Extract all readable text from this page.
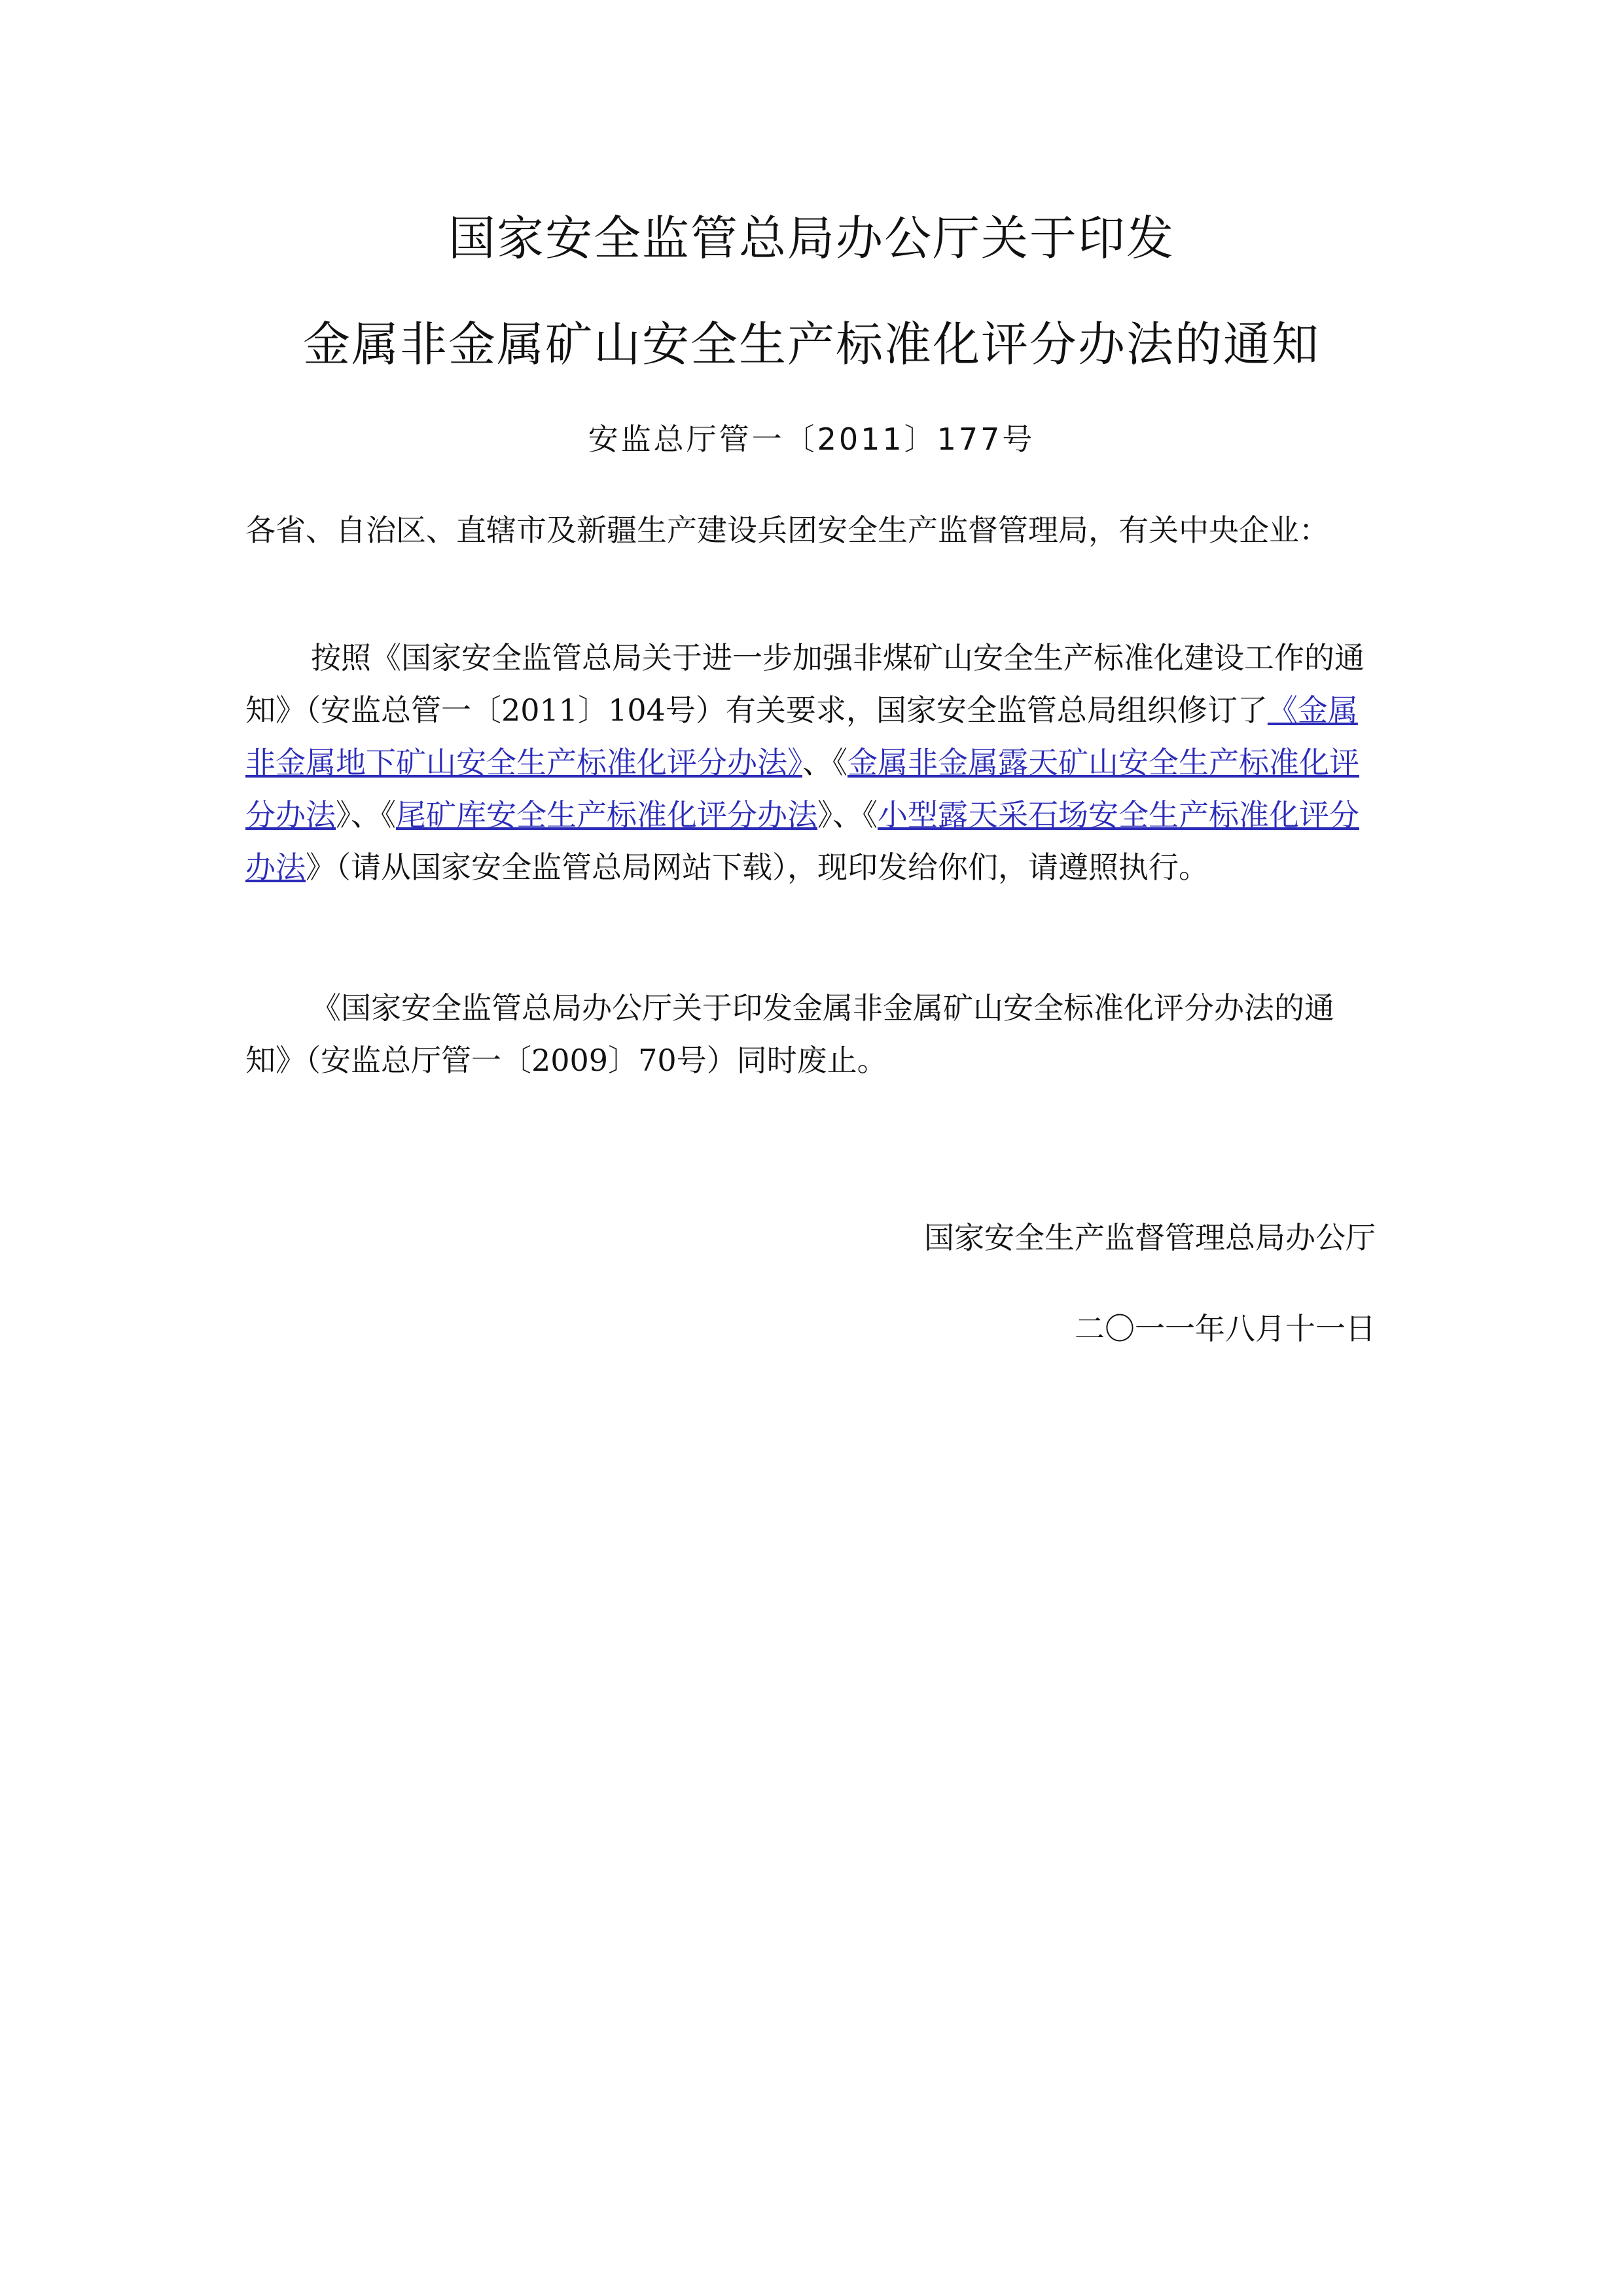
国家安全监管总局办公厅关于印发
金属非金属矿山安全生产标准化评分办法的通知
安监总厅管一〔2011〕177号

各省、自治区、直辖市及新疆生产建设兵团安全生产监督管理局，有关中央企业：

按照《国家安全监管总局关于进一步加强非煤矿山安全生产标准化建设工作的通知》（安监总管一〔2011〕104号）有关要求，国家安全监管总局组织修订了《金属非金属地下矿山安全生产标准化评分办法》、《金属非金属露天矿山安全生产标准化评分办法》、《尾矿库安全生产标准化评分办法》、《小型露天采石场安全生产标准化评分办法》（请从国家安全监管总局网站下载），现印发给你们，请遵照执行。

《国家安全监管总局办公厅关于印发金属非金属矿山安全标准化评分办法的通知》（安监总厅管一〔2009〕70号）同时废止。

国家安全生产监督管理总局办公厅
二〇一一年八月十一日
